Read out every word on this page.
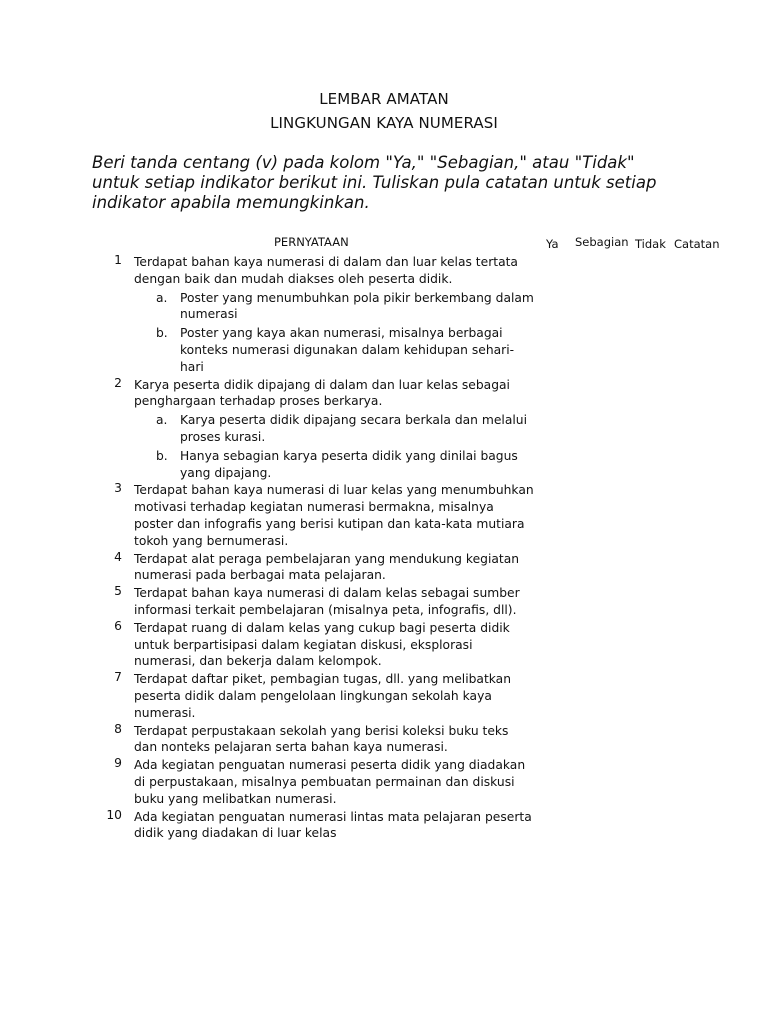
LEMBAR AMATAN
LINGKUNGAN KAYA NUMERASI

Beri tanda centang (v) pada kolom "Ya," "Sebagian," atau "Tidak" untuk setiap indikator berikut ini. Tuliskan pula catatan untuk setiap indikator apabila memungkinkan.

PERNYATAAN	Ya Sebagian Tidak Catatan
1 Terdapat bahan kaya numerasi di dalam dan luar kelas tertata dengan baik dan mudah diakses oleh peserta didik.
a.	Poster yang menumbuhkan pola pikir berkembang dalam numerasi
b. Poster yang kaya akan numerasi, misalnya berbagai konteks numerasi digunakan dalam kehidupan sehari-hari
2 Karya peserta didik dipajang di dalam dan luar kelas sebagai penghargaan terhadap proses berkarya.
a.	Karya peserta didik dipajang secara berkala dan melalui proses kurasi.
b. Hanya sebagian karya peserta didik yang dinilai bagus yang dipajang.
3 Terdapat bahan kaya numerasi di luar kelas yang menumbuhkan motivasi terhadap kegiatan numerasi bermakna, misalnya poster dan infografis yang berisi kutipan dan kata-kata mutiara tokoh yang bernumerasi.
4 Terdapat alat peraga pembelajaran yang mendukung kegiatan numerasi pada berbagai mata pelajaran.
5 Terdapat bahan kaya numerasi di dalam kelas sebagai sumber informasi terkait pembelajaran (misalnya peta, infografis, dll).
6 Terdapat ruang di dalam kelas yang cukup bagi peserta didik untuk berpartisipasi dalam kegiatan diskusi, eksplorasi numerasi, dan bekerja dalam kelompok.
7 Terdapat daftar piket, pembagian tugas, dll. yang melibatkan peserta didik dalam pengelolaan lingkungan sekolah kaya numerasi.
8 Terdapat perpustakaan sekolah yang berisi koleksi buku teks dan nonteks pelajaran serta bahan kaya numerasi.
9 Ada kegiatan penguatan numerasi peserta didik yang diadakan di perpustakaan, misalnya pembuatan permainan dan diskusi buku yang melibatkan numerasi.
10 Ada kegiatan penguatan numerasi lintas mata pelajaran peserta didik yang diadakan di luar kelas
